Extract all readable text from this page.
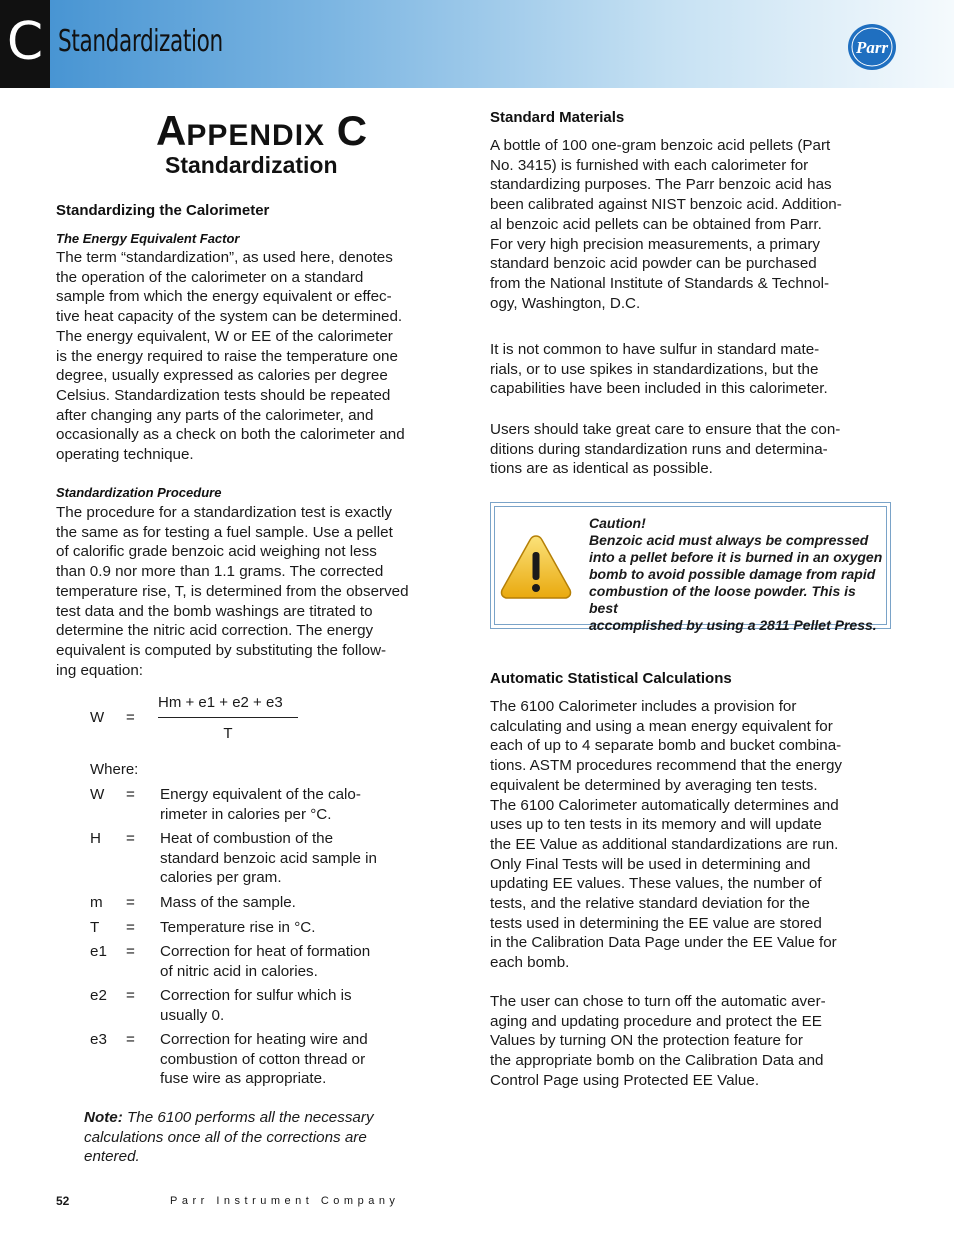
C Standardization	Parr
APPENDIX C
Standardization
Standardizing the Calorimeter
The Energy Equivalent Factor

The term “standardization”, as used here, denotes
the operation of the calorimeter on a standard
sample from which the energy equivalent or effec-
tive heat capacity of the system can be determined.
The energy equivalent, W or EE of the calorimeter
is the energy required to raise the temperature one
degree, usually expressed as calories per degree
Celsius. Standardization tests should be repeated
after changing any parts of the calorimeter, and
occasionally as a check on both the calorimeter and
operating technique.

Standardization Procedure

The procedure for a standardization test is exactly
the same as for testing a fuel sample. Use a pellet
of calorific grade benzoic acid weighing not less
than 0.9 nor more than 1.1 grams. The corrected
temperature rise, T, is determined from the observed
test data and the bomb washings are titrated to
determine the nitric acid correction. The energy
equivalent is computed by substituting the follow-
ing equation:

W =
Hm + e1 + e2 + e3
T
Where:
W = Energy equivalent of the calo-
rimeter in calories per °C.
H = Heat of combustion of the
standard benzoic acid sample in
calories per gram.
m = Mass of the sample.
T = Temperature rise in °C.
e1 = Correction for heat of formation
of nitric acid in calories.
e2 = Correction for sulfur which is
usually 0.
e3 = Correction for heating wire and
combustion of cotton thread or
fuse wire as appropriate.
Note: The 6100 performs all the necessary
calculations once all of the corrections are
entered.
Standard Materials

A bottle of 100 one-gram benzoic acid pellets (Part
No. 3415) is furnished with each calorimeter for
standardizing purposes. The Parr benzoic acid has
been calibrated against NIST benzoic acid. Addition-
al benzoic acid pellets can be obtained from Parr.
For very high precision measurements, a primary
standard benzoic acid powder can be purchased
from the National Institute of Standards & Technol-
ogy, Washington, D.C.

It is not common to have sulfur in standard mate-
rials, or to use spikes in standardizations, but the
capabilities have been included in this calorimeter.

Users should take great care to ensure that the con-
ditions during standardization runs and determina-
tions are as identical as possible.

Caution!
Benzoic acid must always be compressed
into a pellet before it is burned in an oxygen
bomb to avoid possible damage from rapid
combustion of the loose powder. This is best
accomplished by using a 2811 Pellet Press.
Automatic Statistical Calculations

The 6100 Calorimeter includes a provision for
calculating and using a mean energy equivalent for
each of up to 4 separate bomb and bucket combina-
tions. ASTM procedures recommend that the energy
equivalent be determined by averaging ten tests.
The 6100 Calorimeter automatically determines and
uses up to ten tests in its memory and will update
the EE Value as additional standardizations are run.
Only Final Tests will be used in determining and
updating EE values. These values, the number of
tests, and the relative standard deviation for the
tests used in determining the EE value are stored
in the Calibration Data Page under the EE Value for
each bomb.

The user can chose to turn off the automatic aver-
aging and updating procedure and protect the EE
Values by turning ON the protection feature for
the appropriate bomb on the Calibration Data and
Control Page using Protected EE Value.

52	Parr Instrument Company
